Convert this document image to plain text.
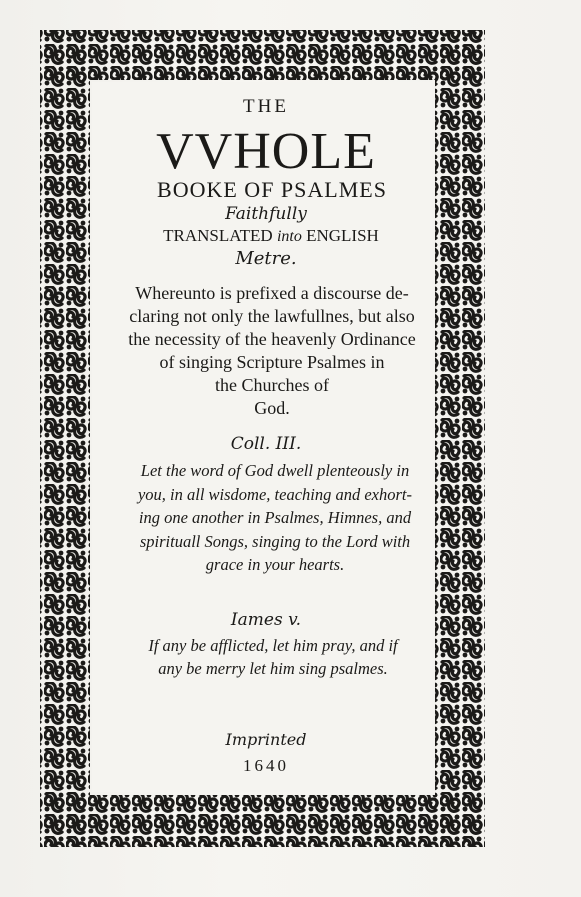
THE

VVHOLE

BOOKE OF PSALMES

Faithfully

TRANSLATED into ENGLISH

Metre.

Whereunto is prefixed a discourse de-
claring not only the lawfullnes, but also
the necessity of the heavenly Ordinance
of singing Scripture Psalmes in
the Churches of
God.

Coll. III.

Let the word of God dwell plenteously in
you, in all wisdome, teaching and exhort-
ing one another in Psalmes, Himnes, and
spirituall Songs, singing to the Lord with
grace in your hearts.

Iames v.

If any be afflicted, let him pray, and if
any be merry let him sing psalmes.

Imprinted

1640
